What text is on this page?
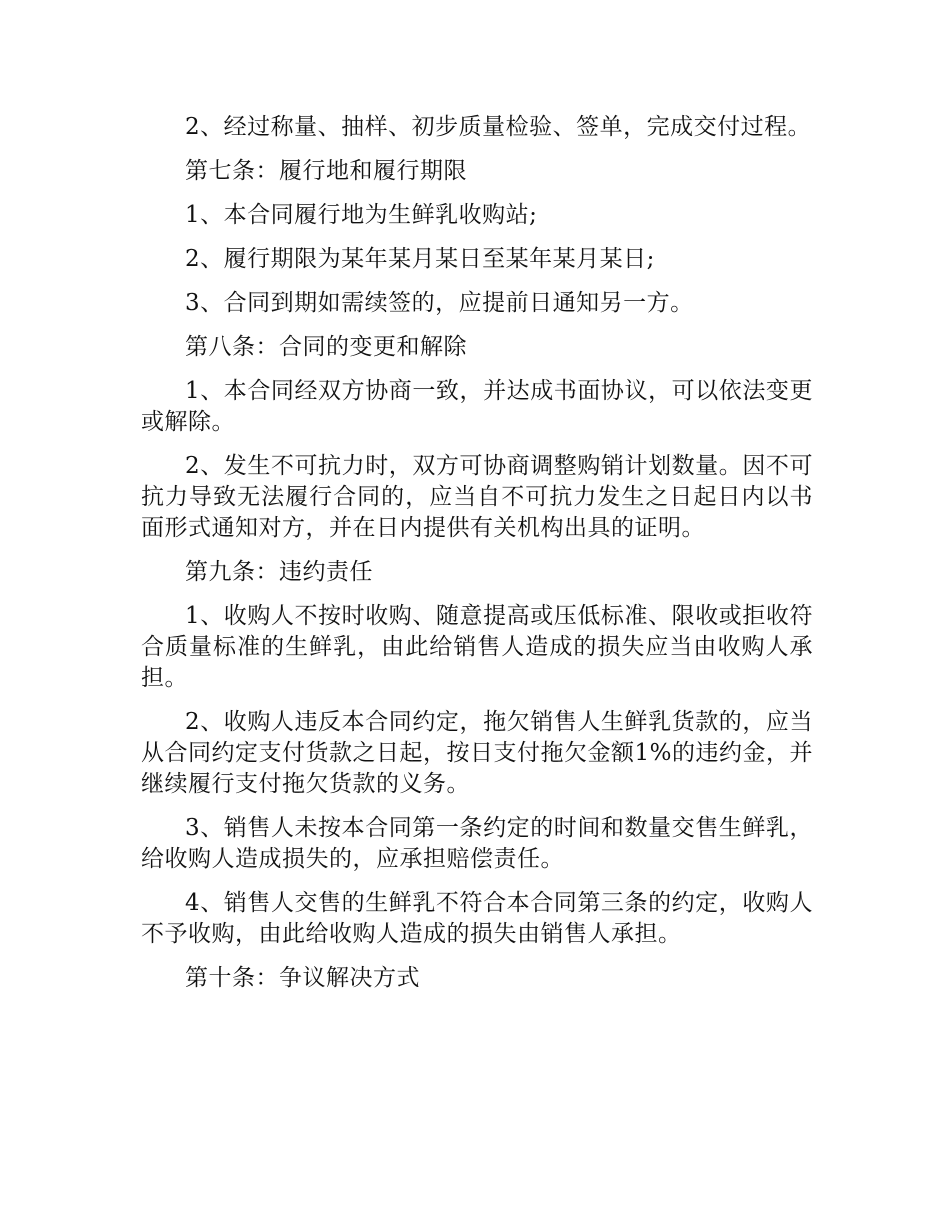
2、经过称量、抽样、初步质量检验、签单，完成交付过程。

第七条：履行地和履行期限

1、本合同履行地为生鲜乳收购站;

2、履行期限为某年某月某日至某年某月某日;

3、合同到期如需续签的，应提前日通知另一方。

第八条：合同的变更和解除

1、本合同经双方协商一致，并达成书面协议，可以依法变更或解除。

2、发生不可抗力时，双方可协商调整购销计划数量。因不可抗力导致无法履行合同的，应当自不可抗力发生之日起日内以书面形式通知对方，并在日内提供有关机构出具的证明。

第九条：违约责任

1、收购人不按时收购、随意提高或压低标准、限收或拒收符合质量标准的生鲜乳，由此给销售人造成的损失应当由收购人承担。

2、收购人违反本合同约定，拖欠销售人生鲜乳货款的，应当从合同约定支付货款之日起，按日支付拖欠金额1%的违约金，并继续履行支付拖欠货款的义务。

3、销售人未按本合同第一条约定的时间和数量交售生鲜乳，给收购人造成损失的，应承担赔偿责任。

4、销售人交售的生鲜乳不符合本合同第三条的约定，收购人不予收购，由此给收购人造成的损失由销售人承担。

第十条：争议解决方式
